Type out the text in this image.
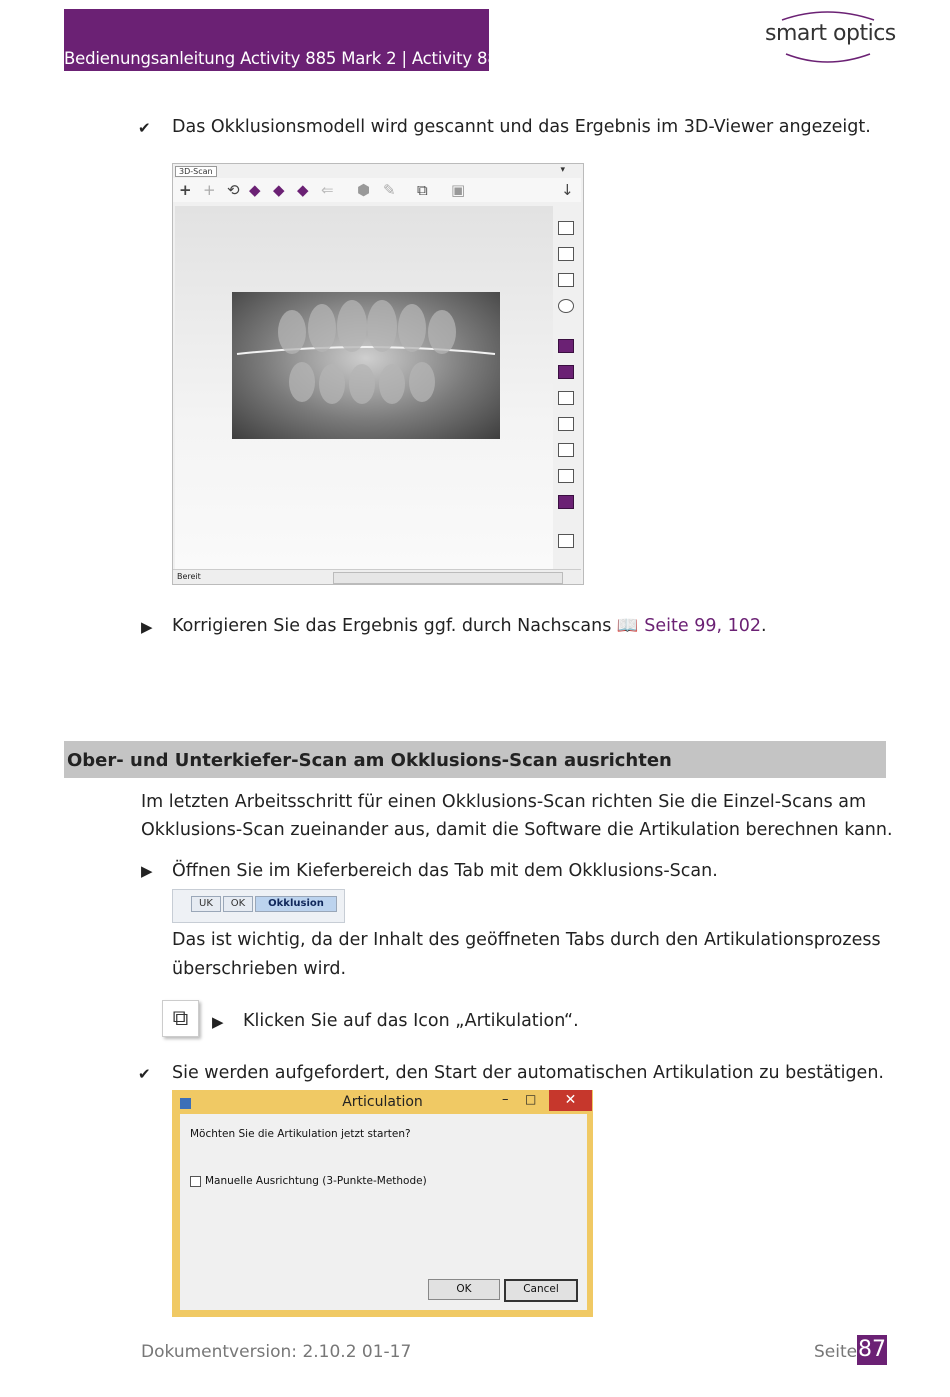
Bedienungsanleitung Activity 885 Mark 2 | Activity 888
smart optics
✔ Das Okklusionsmodell wird gescannt und das Ergebnis im 3D-Viewer angezeigt.
3D-Scan	▾
+ + ⟲ ◆ ◆ ◆ ⇐ ⬢ ✎ ⧉ ▣	↓
Bereit
▶ Korrigieren Sie das Ergebnis ggf. durch Nachscans 📖 Seite 99, 102.
Ober- und Unterkiefer-Scan am Okklusions-Scan ausrichten
Im letzten Arbeitsschritt für einen Okklusions-Scan richten Sie die Einzel-Scans am
Okklusions-Scan zueinander aus, damit die Software die Artikulation berechnen kann.
▶ Öffnen Sie im Kieferbereich das Tab mit dem Okklusions-Scan.
UK	OK	Okklusion
Das ist wichtig, da der Inhalt des geöffneten Tabs durch den Artikulationsprozess
überschrieben wird.
⧉	▶ Klicken Sie auf das Icon „Artikulation“.
✔ Sie werden aufgefordert, den Start der automatischen Artikulation zu bestätigen.
Articulation	– □	✕
Möchten Sie die Artikulation jetzt starten?
Manuelle Ausrichtung (3-Punkte-Methode)
OK	Cancel
Dokumentversion: 2.10.2 01-17	Seite 87
